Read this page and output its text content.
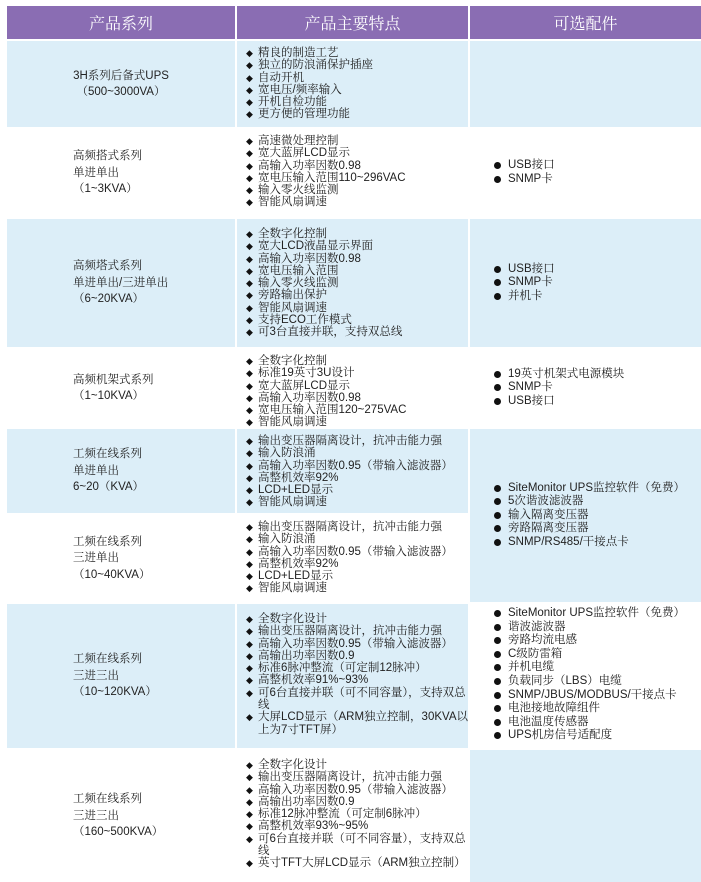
产品系列	产品主要特点	可选配件
3H系列后备式UPS
（500~3000VA）
◆ 精良的制造工艺
◆ 独立的防浪涌保护插座
◆ 自动开机
◆ 宽电压/频率输入
◆ 开机自检功能
◆ 更方便的管理功能
高频搭式系列
单进单出
（1~3KVA）
◆ 高速微处理控制
◆ 宽大蓝屏LCD显示
◆ 高输入功率因数0.98
◆ 宽电压输入范围110~296VAC
◆ 输入零火线监测
◆ 智能风扇调速
USB接口
SNMP卡
高频塔式系列
单进单出/三进单出
（6~20KVA）
◆ 全数字化控制
◆ 宽大LCD液晶显示界面
◆ 高输入功率因数0.98
◆ 宽电压输入范围
◆ 输入零火线监测
◆ 旁路输出保护
◆ 智能风扇调速
◆ 支持ECO工作模式
◆ 可3台直接并联，支持双总线
USB接口
SNMP卡
并机卡
高频机架式系列
（1~10KVA）
◆ 全数字化控制
◆ 标准19英寸3U设计
◆ 宽大蓝屏LCD显示
◆ 高输入功率因数0.98
◆ 宽电压输入范围120~275VAC
◆ 智能风扇调速
19英寸机架式电源模块
SNMP卡
USB接口
工频在线系列
单进单出
6~20（KVA）
◆ 输出变压器隔离设计，抗冲击能力强
◆ 输入防浪涌
◆ 高输入功率因数0.95（带输入滤波器）
◆ 高整机效率92%
◆ LCD+LED显示
◆ 智能风扇调速
SiteMonitor UPS监控软件（免费）
5次谐波滤波器
输入隔离变压器
旁路隔离变压器
SNMP/RS485/干接点卡
工频在线系列
三进单出
（10~40KVA）
◆ 输出变压器隔离设计，抗冲击能力强
◆ 输入防浪涌
◆ 高输入功率因数0.95（带输入滤波器）
◆ 高整机效率92%
◆ LCD+LED显示
◆ 智能风扇调速
工频在线系列
三进三出
（10~120KVA）
◆ 全数字化设计
◆ 输出变压器隔离设计，抗冲击能力强
◆ 高输入功率因数0.95（带输入滤波器）
◆ 高输出功率因数0.9
◆ 标准6脉冲整流（可定制12脉冲）
◆ 高整机效率91%~93%
◆ 可6台直接并联（可不同容量），支持双总线
◆ 大屏LCD显示（ARM独立控制，30KVA以上为7寸TFT屏）
SiteMonitor UPS监控软件（免费）
谐波滤波器
旁路均流电感
C级防雷箱
并机电缆
负载同步（LBS）电缆
SNMP/JBUS/MODBUS/干接点卡
电池接地故障组件
电池温度传感器
UPS机房信号适配度
工频在线系列
三进三出
（160~500KVA）
◆ 全数字化设计
◆ 输出变压器隔离设计，抗冲击能力强
◆ 高输入功率因数0.95（带输入滤波器）
◆ 高输出功率因数0.9
◆ 标准12脉冲整流（可定制6脉冲）
◆ 高整机效率93%~95%
◆ 可6台直接并联（可不同容量），支持双总线
◆ 英寸TFT大屏LCD显示（ARM独立控制）
